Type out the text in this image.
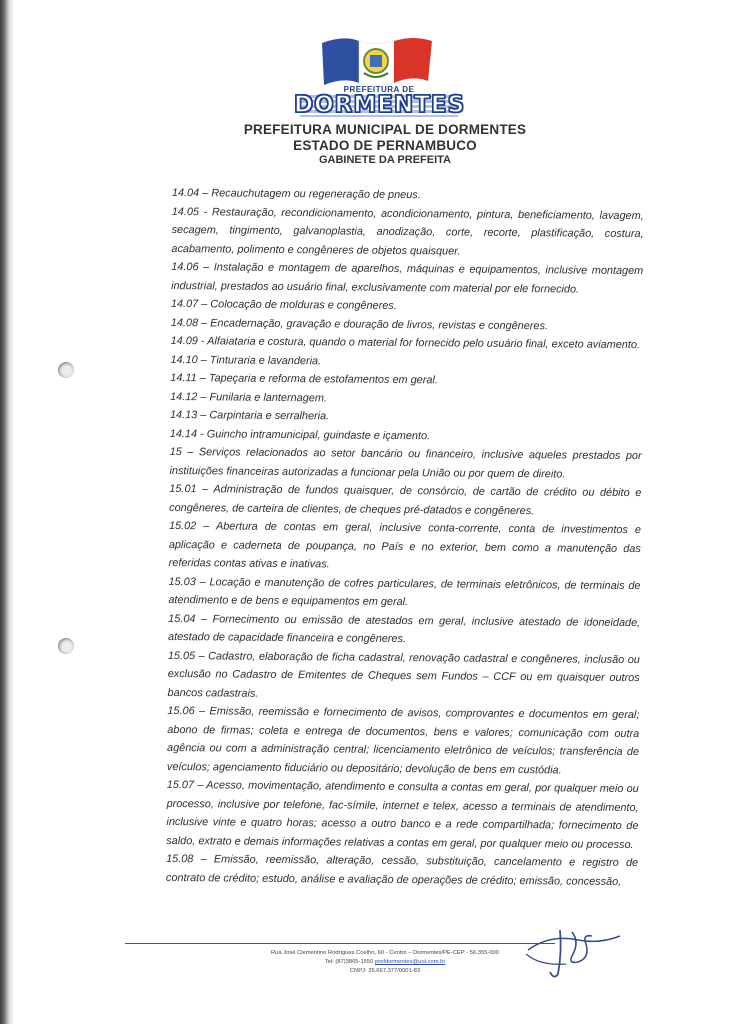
PREFEITURA DE
DORMENTES
PREFEITURA MUNICIPAL DE DORMENTES
ESTADO DE PERNAMBUCO
GABINETE DA PREFEITA

14.04 – Recauchutagem ou regeneração de pneus.

14.05 - Restauração, recondicionamento, acondicionamento, pintura, beneficiamento, lavagem, secagem, tingimento, galvanoplastia, anodização, corte, recorte, plastificação, costura, acabamento, polimento e congêneres de objetos quaisquer.

14.06 – Instalação e montagem de aparelhos, máquinas e equipamentos, inclusive montagem industrial, prestados ao usuário final, exclusivamente com material por ele fornecido.

14.07 – Colocação de molduras e congêneres.

14.08 – Encadernação, gravação e douração de livros, revistas e congêneres.

14.09 - Alfaiataria e costura, quando o material for fornecido pelo usuário final, exceto aviamento.

14.10 – Tinturaria e lavanderia.

14.11 – Tapeçaria e reforma de estofamentos em geral.

14.12 – Funilaria e lanternagem.

14.13 – Carpintaria e serralheria.

14.14 - Guincho intramunicipal, guindaste e içamento.

15 – Serviços relacionados ao setor bancário ou financeiro, inclusive aqueles prestados por instituições financeiras autorizadas a funcionar pela União ou por quem de direito.

15.01 – Administração de fundos quaisquer, de consórcio, de cartão de crédito ou débito e congêneres, de carteira de clientes, de cheques pré-datados e congêneres.

15.02 – Abertura de contas em geral, inclusive conta-corrente, conta de investimentos e aplicação e caderneta de poupança, no País e no exterior, bem como a manutenção das referidas contas ativas e inativas.

15.03 – Locação e manutenção de cofres particulares, de terminais eletrônicos, de terminais de atendimento e de bens e equipamentos em geral.

15.04 – Fornecimento ou emissão de atestados em geral, inclusive atestado de idoneidade, atestado de capacidade financeira e congêneres.

15.05 – Cadastro, elaboração de ficha cadastral, renovação cadastral e congêneres, inclusão ou exclusão no Cadastro de Emitentes de Cheques sem Fundos – CCF ou em quaisquer outros bancos cadastrais.

15.06 – Emissão, reemissão e fornecimento de avisos, comprovantes e documentos em geral; abono de firmas; coleta e entrega de documentos, bens e valores; comunicação com outra agência ou com a administração central; licenciamento eletrônico de veículos; transferência de veículos; agenciamento fiduciário ou depositário; devolução de bens em custódia.

15.07 – Acesso, movimentação, atendimento e consulta a contas em geral, por qualquer meio ou processo, inclusive por telefone, fac-símile, internet e telex, acesso a terminais de atendimento, inclusive vinte e quatro horas; acesso a outro banco e a rede compartilhada; fornecimento de saldo, extrato e demais informações relativas a contas em geral, por qualquer meio ou processo.

15.08 – Emissão, reemissão, alteração, cessão, substituição, cancelamento e registro de contrato de crédito; estudo, análise e avaliação de operações de crédito; emissão, concessão,

Rua José Clementino Rodrigues Coelho, 60 - Centro – Dormentes/PE-CEP - 56.355-000
Tel: (87)3865-1550 prefdormentes@uol.com.br
CNPJ: 35.667.377/0001-83
